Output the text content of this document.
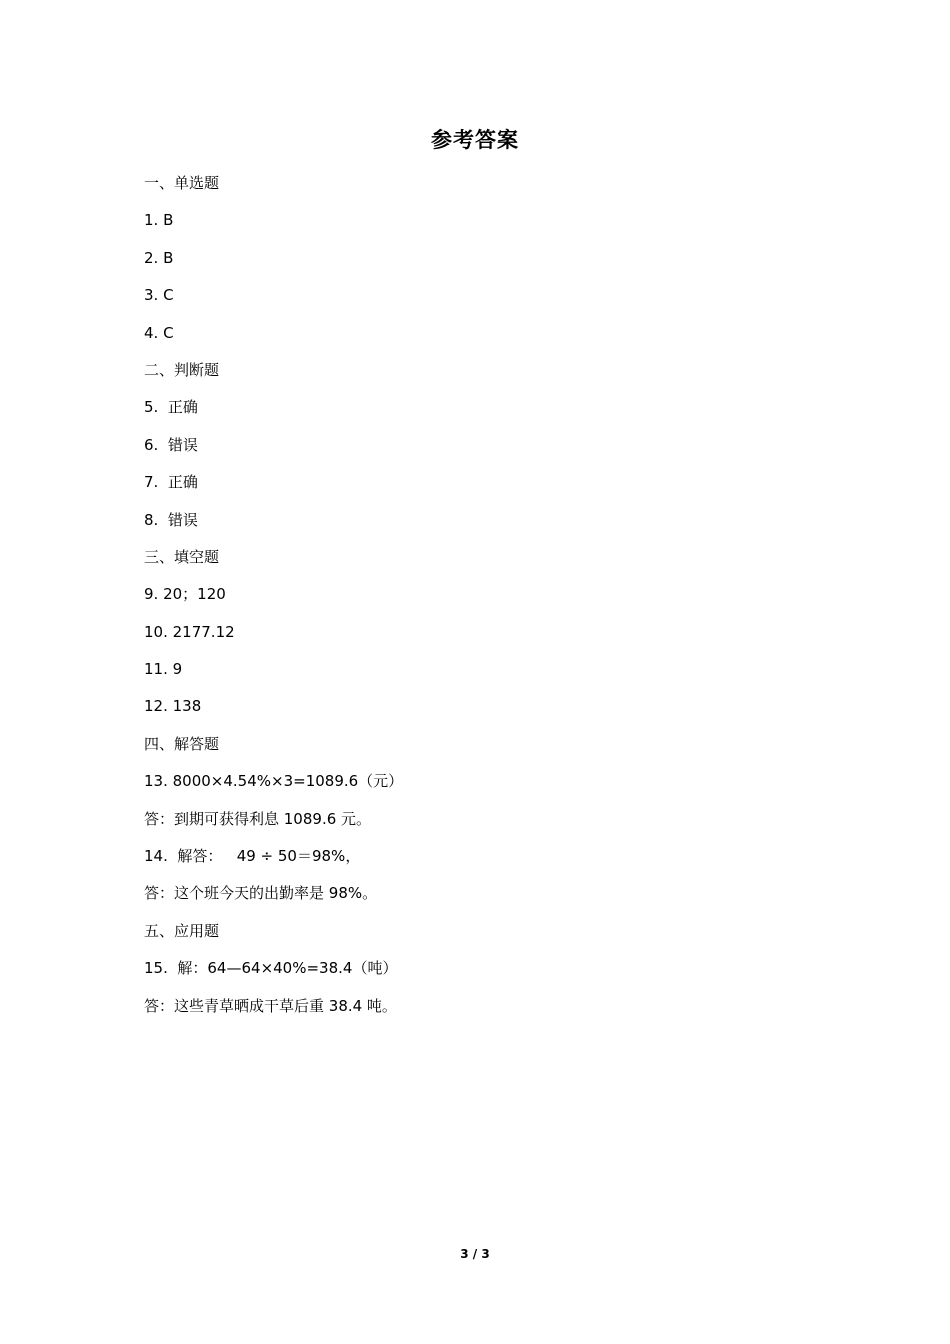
参考答案
一、单选题
1. B
2. B
3. C
4. C
二、判断题
5.  正确
6.  错误
7.  正确
8.  错误
三、填空题
9. 20；120
10. 2177.12
11. 9
12. 138
四、解答题
13. 8000×4.54%×3=1089.6（元）
答：到期可获得利息 1089.6 元。
14.  解答：   49 ÷ 50＝98%，
答：这个班今天的出勤率是 98%。
五、应用题
15.  解：64—64×40%=38.4（吨）
答：这些青草晒成干草后重 38.4 吨。
3 / 3
